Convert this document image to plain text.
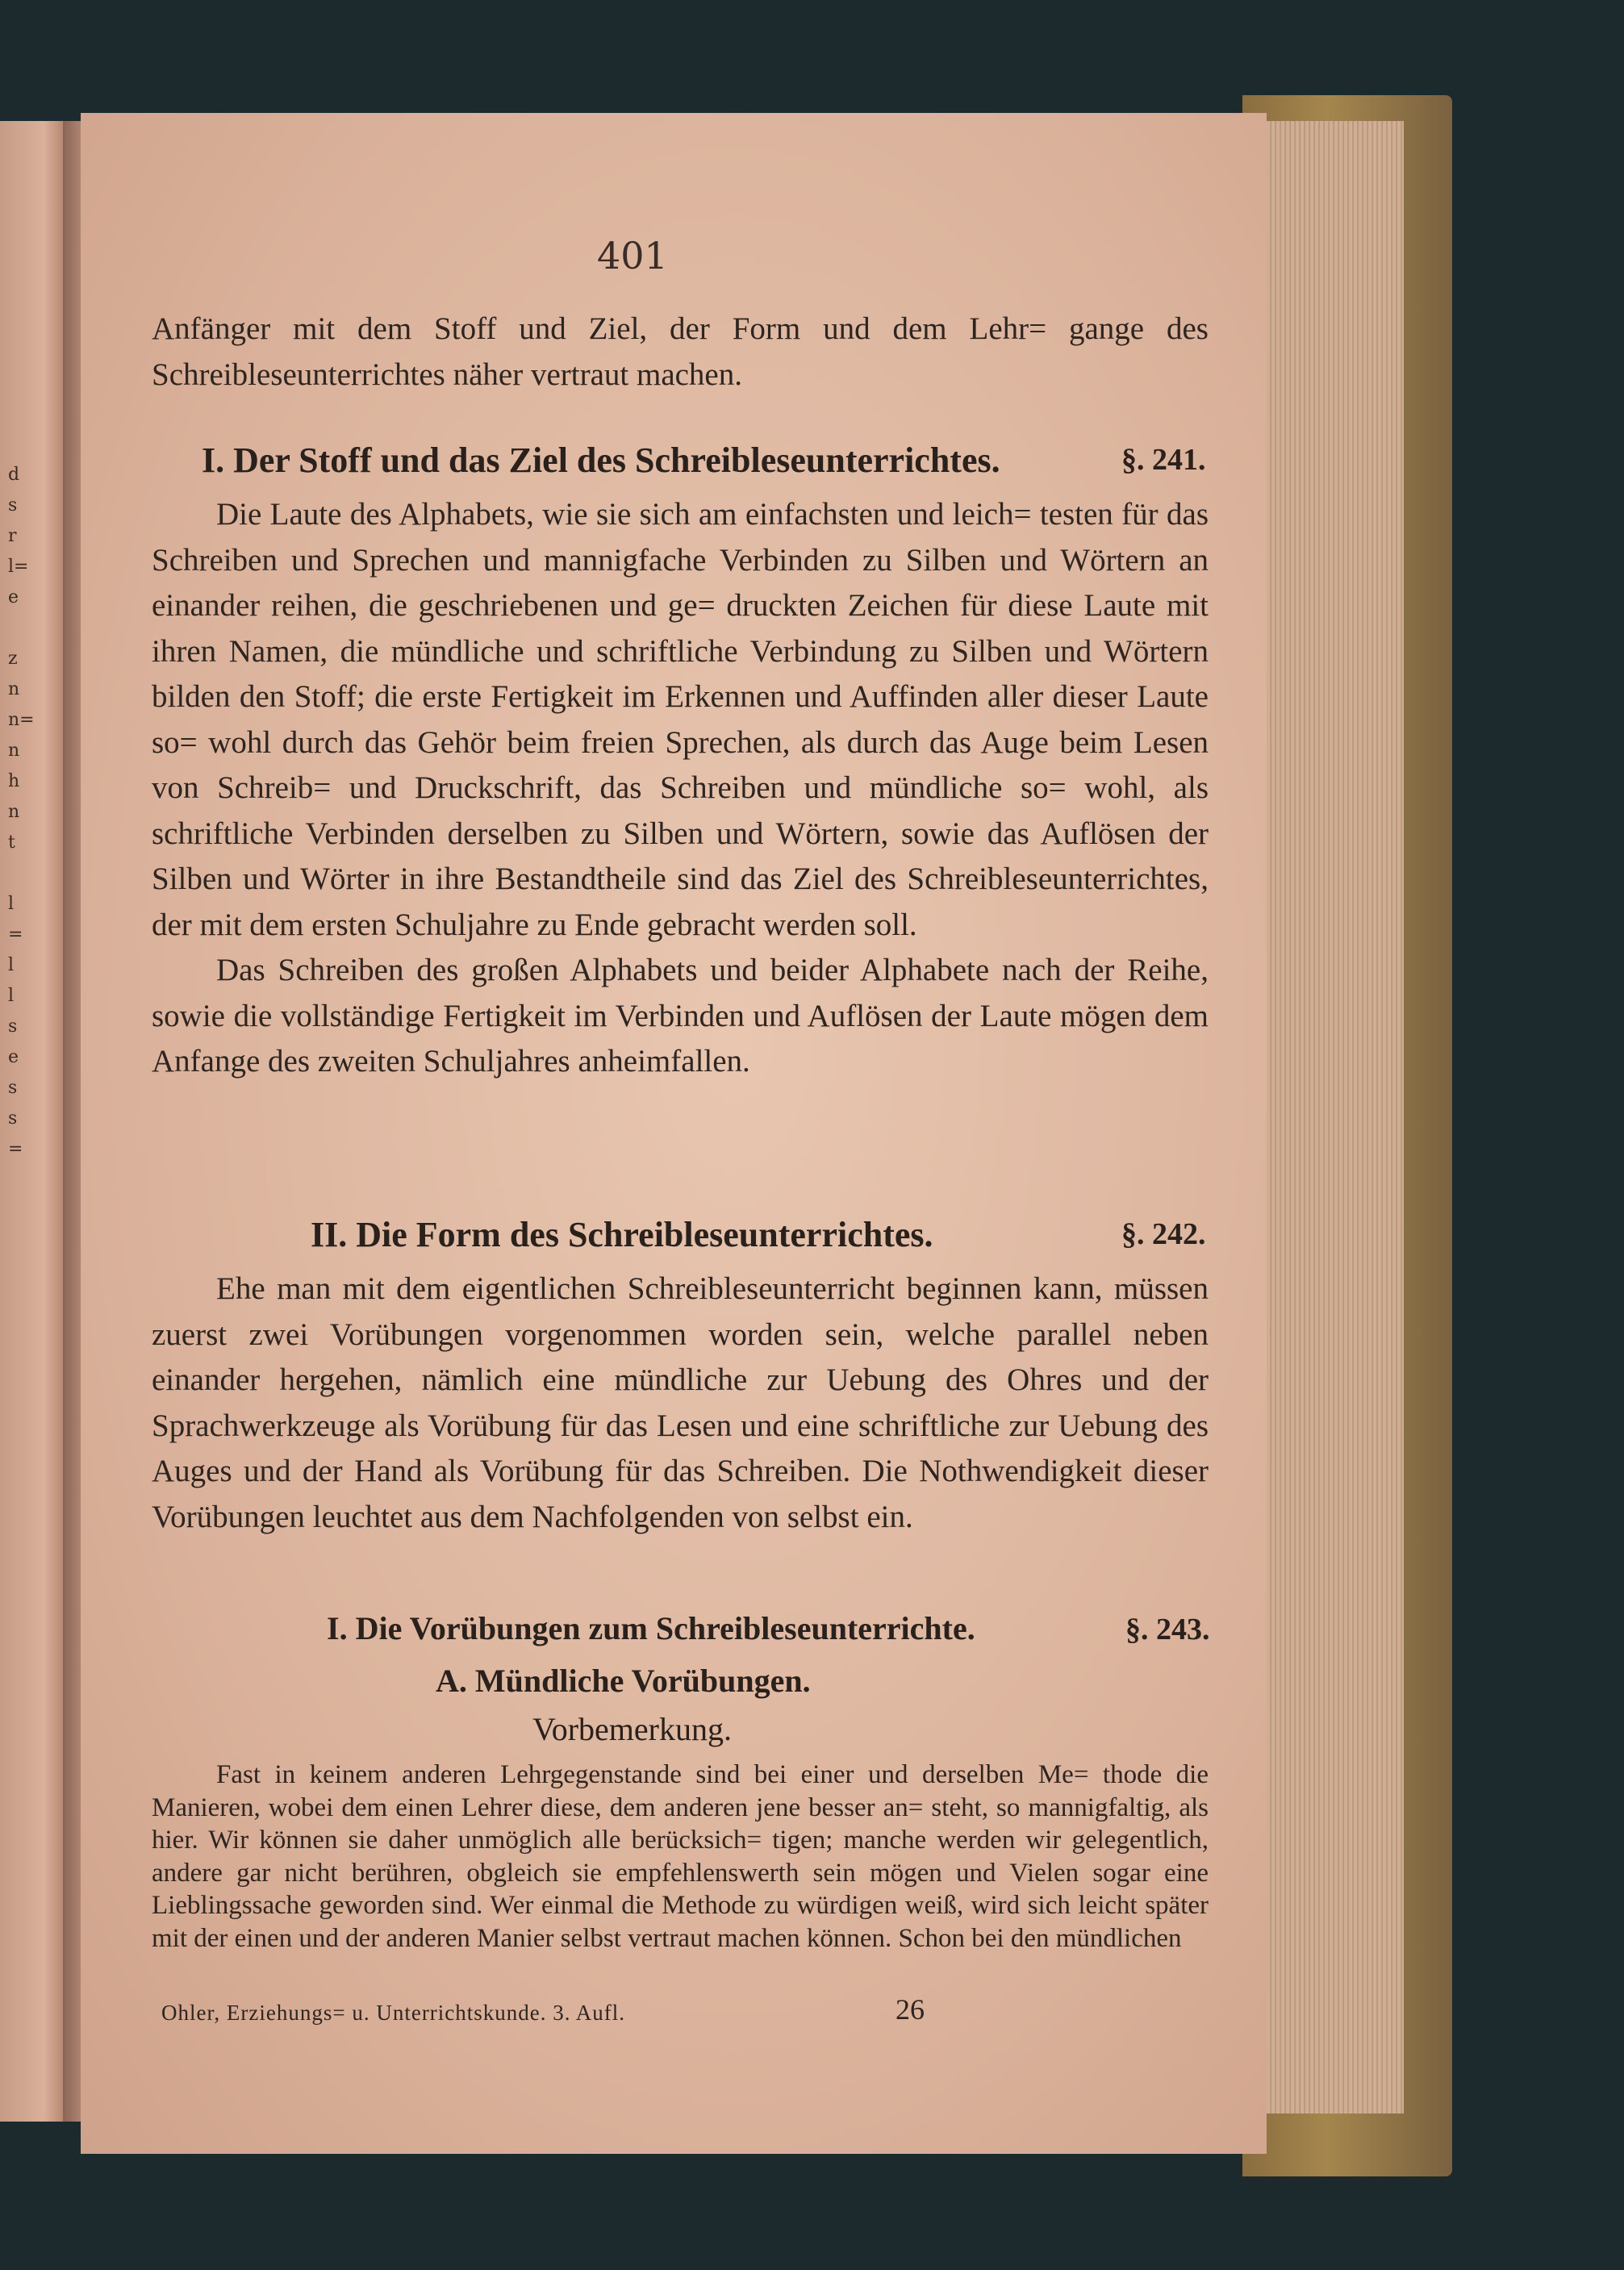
d
s
r
l=
e

z
n
n=
n
h
n
t

l
=
l
l
s
e
s
s
=
401

Anfänger mit dem Stoff und Ziel, der Form und dem Lehr= gange des Schreiblesеunterrichtes näher vertraut machen.

I. Der Stoff und das Ziel des Schreiblesеunterrichtes.	§. 241.

Die Laute des Alphabets, wie sie sich am einfachsten und leich= testen für das Schreiben und Sprechen und mannigfache Verbinden zu Silben und Wörtern an einander reihen, die geschriebenen und ge= druckten Zeichen für diese Laute mit ihren Namen, die mündliche und schriftliche Verbindung zu Silben und Wörtern bilden den Stoff; die erste Fertigkeit im Erkennen und Auffinden aller dieser Laute so= wohl durch das Gehör beim freien Sprechen, als durch das Auge beim Lesen von Schreib= und Druckschrift, das Schreiben und mündliche so= wohl, als schriftliche Verbinden derselben zu Silben und Wörtern, sowie das Auflösen der Silben und Wörter in ihre Bestandtheile sind das Ziel des Schreiblesеunterrichtes, der mit dem ersten Schuljahre zu Ende gebracht werden soll.

Das Schreiben des großen Alphabets und beider Alphabete nach der Reihe, sowie die vollständige Fertigkeit im Verbinden und Auflösen der Laute mögen dem Anfange des zweiten Schuljahres anheimfallen.

II. Die Form des Schreiblesеunterrichtes.	§. 242.

Ehe man mit dem eigentlichen Schreiblesеunterricht beginnen kann, müssen zuerst zwei Vorübungen vorgenommen worden sein, welche parallel neben einander hergehen, nämlich eine mündliche zur Uebung des Ohres und der Sprachwerkzeuge als Vorübung für das Lesen und eine schriftliche zur Uebung des Auges und der Hand als Vorübung für das Schreiben. Die Nothwendigkeit dieser Vorübungen leuchtet aus dem Nachfolgenden von selbst ein.

I. Die Vorübungen zum Schreiblesеunterrichte.	§. 243.
A. Mündliche Vorübungen.
Vorbemerkung.

Fast in keinem anderen Lehrgegenstande sind bei einer und derselben Me= thode die Manieren, wobei dem einen Lehrer diese, dem anderen jene besser an= steht, so mannigfaltig, als hier. Wir können sie daher unmöglich alle berücksich= tigen; manche werden wir gelegentlich, andere gar nicht berühren, obgleich sie empfehlenswerth sein mögen und Vielen sogar eine Lieblingssache geworden sind. Wer einmal die Methode zu würdigen weiß, wird sich leicht später mit der einen und der anderen Manier selbst vertraut machen können. Schon bei den mündlichen

Ohler, Erziehungs= u. Unterrichtskunde. 3. Aufl.	26
